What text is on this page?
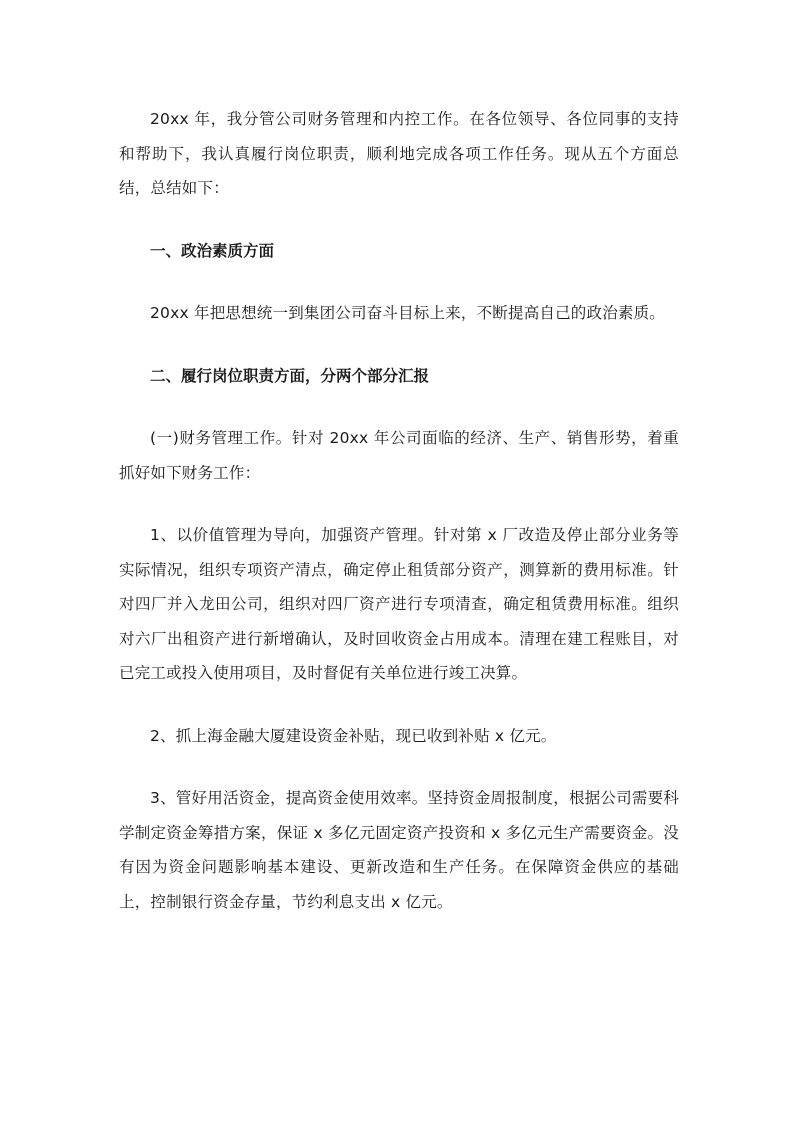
20xx 年，我分管公司财务管理和内控工作。在各位领导、各位同事的支持和帮助下，我认真履行岗位职责，顺利地完成各项工作任务。现从五个方面总结，总结如下：

一、政治素质方面

20xx 年把思想统一到集团公司奋斗目标上来，不断提高自己的政治素质。

二、履行岗位职责方面，分两个部分汇报

(一)财务管理工作。针对 20xx 年公司面临的经济、生产、销售形势，着重抓好如下财务工作：

1、以价值管理为导向，加强资产管理。针对第 x 厂改造及停止部分业务等实际情况，组织专项资产清点，确定停止租赁部分资产，测算新的费用标准。针对四厂并入龙田公司，组织对四厂资产进行专项清查，确定租赁费用标准。组织对六厂出租资产进行新增确认，及时回收资金占用成本。清理在建工程账目，对已完工或投入使用项目，及时督促有关单位进行竣工决算。

2、抓上海金融大厦建设资金补贴，现已收到补贴 x 亿元。

3、管好用活资金，提高资金使用效率。坚持资金周报制度，根据公司需要科学制定资金筹措方案，保证 x 多亿元固定资产投资和 x 多亿元生产需要资金。没有因为资金问题影响基本建设、更新改造和生产任务。在保障资金供应的基础上，控制银行资金存量，节约利息支出 x 亿元。
